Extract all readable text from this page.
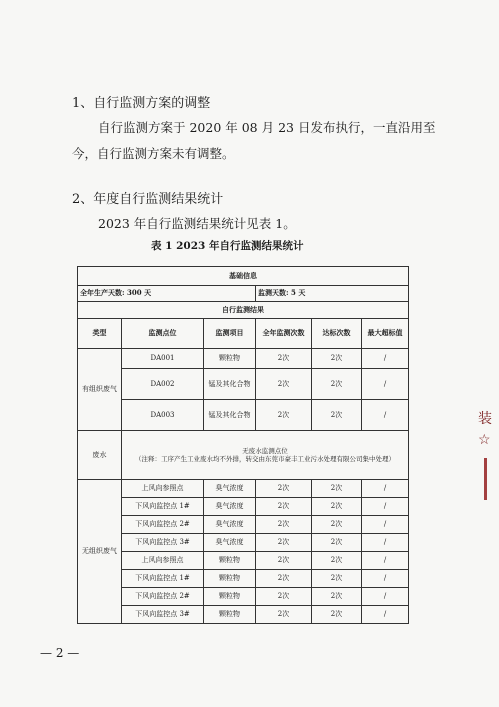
1、自行监测方案的调整
自行监测方案于 2020 年 08 月 23 日发布执行，一直沿用至
今，自行监测方案未有调整。
2、年度自行监测结果统计
2023 年自行监测结果统计见表 1。
表 1 2023 年自行监测结果统计
基础信息					
全年生产天数: 300 天			监测天数: 5 天		
自行监测结果					
类型	监测点位	监测项目	全年监测次数	达标次数	最大超标值
有组织废气	DA001	颗粒物	2次	2次	/
	DA002	锰及其化合物	2次	2次	/
	DA003	锰及其化合物	2次	2次	/
废水	无废水监测点位
（注释：工序产生工业废水均不外排，转交由东莞市豪丰工业污水处理有限公司集中处理）				

无组织废气	上风向参照点	臭气浓度	2次	2次	/
	下风向监控点 1#	臭气浓度	2次	2次	/
	下风向监控点 2#	臭气浓度	2次	2次	/
	下风向监控点 3#	臭气浓度	2次	2次	/
	上风向参照点	颗粒物	2次	2次	/
	下风向监控点 1#	颗粒物	2次	2次	/
	下风向监控点 2#	颗粒物	2次	2次	/
	下风向监控点 3#	颗粒物	2次	2次	/
— 2 —
装
☆
